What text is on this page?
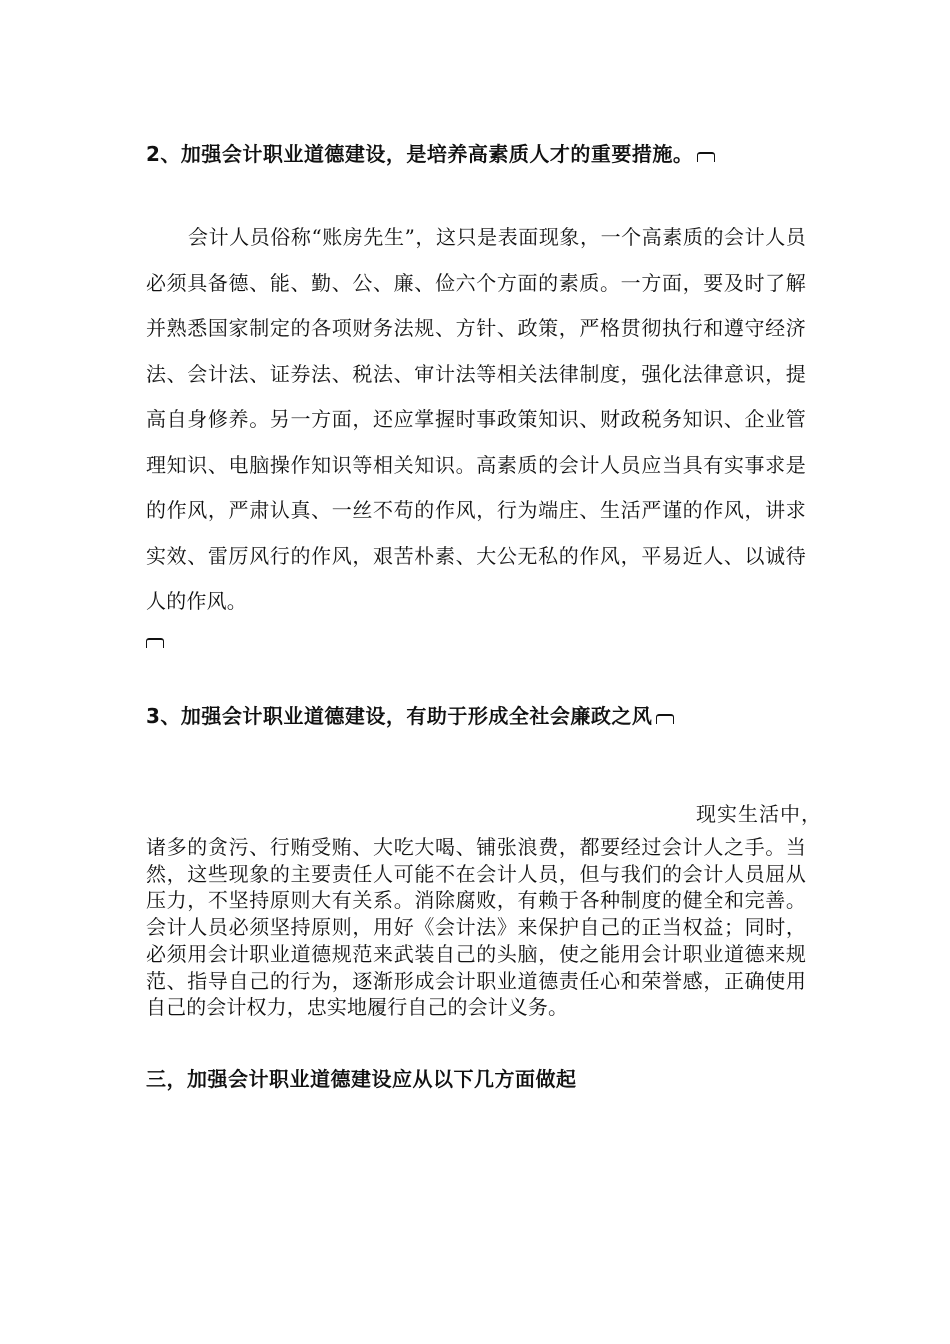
2、加强会计职业道德建设，是培养高素质人才的重要措施。

会计人员俗称“账房先生”，这只是表面现象，一个高素质的会计人员必须具备德、能、勤、公、廉、俭六个方面的素质。一方面，要及时了解并熟悉国家制定的各项财务法规、方针、政策，严格贯彻执行和遵守经济法、会计法、证券法、税法、审计法等相关法律制度，强化法律意识，提高自身修养。另一方面，还应掌握时事政策知识、财政税务知识、企业管理知识、电脑操作知识等相关知识。高素质的会计人员应当具有实事求是的作风，严肃认真、一丝不苟的作风，行为端庄、生活严谨的作风，讲求实效、雷厉风行的作风，艰苦朴素、大公无私的作风，平易近人、以诚待人的作风。

3、加强会计职业道德建设，有助于形成全社会廉政之风
现实生活中，

诸多的贪污、行贿受贿、大吃大喝、铺张浪费，都要经过会计人之手。当然，这些现象的主要责任人可能不在会计人员，但与我们的会计人员屈从压力，不坚持原则大有关系。消除腐败，有赖于各种制度的健全和完善。会计人员必须坚持原则，用好《会计法》来保护自己的正当权益；同时，必须用会计职业道德规范来武装自己的头脑，使之能用会计职业道德来规范、指导自己的行为，逐渐形成会计职业道德责任心和荣誉感，正确使用自己的会计权力，忠实地履行自己的会计义务。

三，加强会计职业道德建设应从以下几方面做起
